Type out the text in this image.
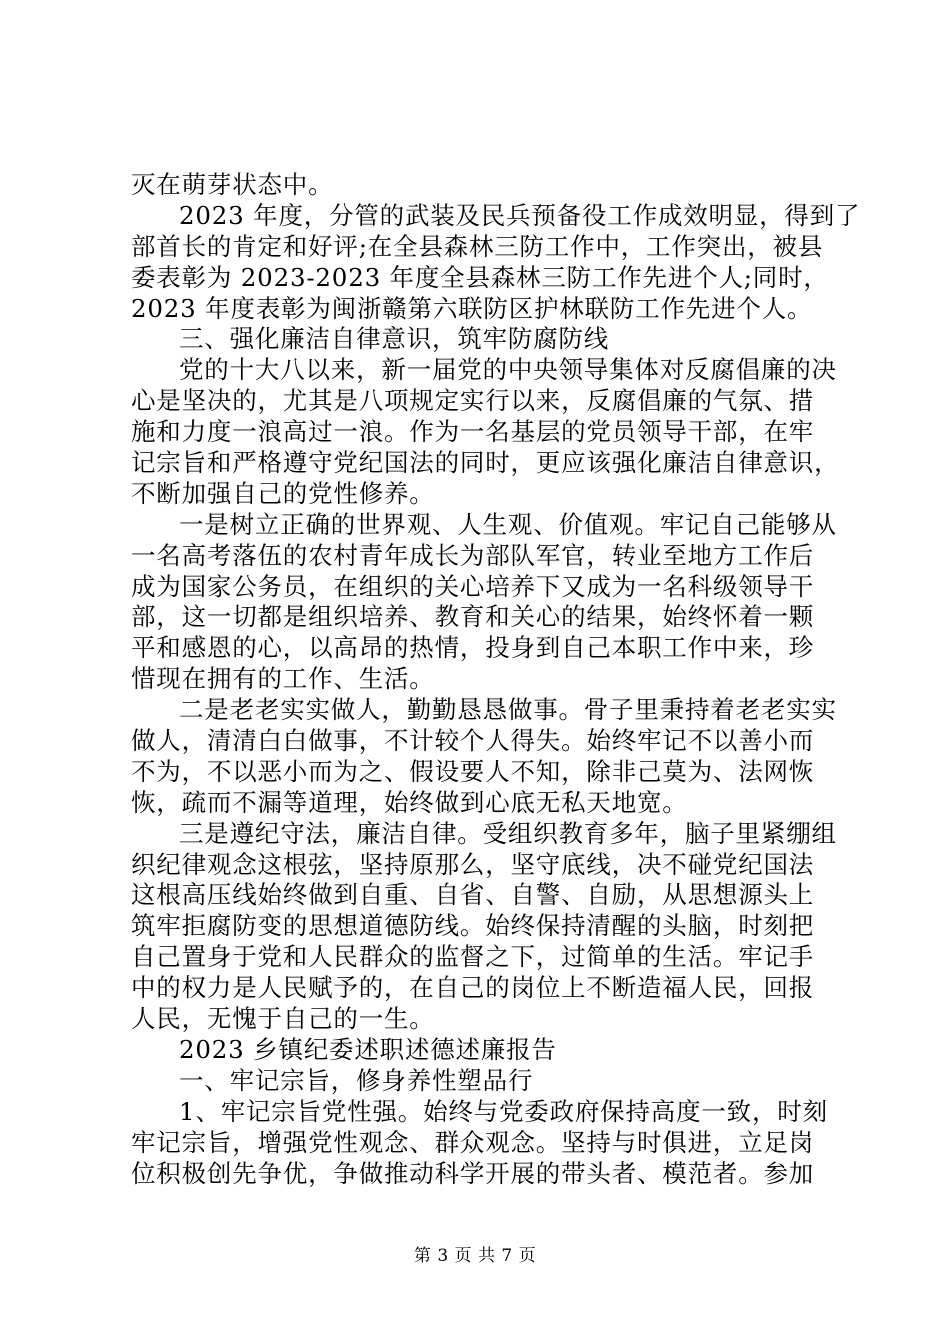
灭在萌芽状态中。
2023 年度，分管的武装及民兵预备役工作成效明显，得到了
部首长的肯定和好评;在全县森林三防工作中，工作突出，被县
委表彰为 2023-2023 年度全县森林三防工作先进个人;同时，
2023 年度表彰为闽浙赣第六联防区护林联防工作先进个人。
三、强化廉洁自律意识，筑牢防腐防线
党的十大八以来，新一届党的中央领导集体对反腐倡廉的决
心是坚决的，尤其是八项规定实行以来，反腐倡廉的气氛、措
施和力度一浪高过一浪。作为一名基层的党员领导干部，在牢
记宗旨和严格遵守党纪国法的同时，更应该强化廉洁自律意识，
不断加强自己的党性修养。
一是树立正确的世界观、人生观、价值观。牢记自己能够从
一名高考落伍的农村青年成长为部队军官，转业至地方工作后
成为国家公务员，在组织的关心培养下又成为一名科级领导干
部，这一切都是组织培养、教育和关心的结果，始终怀着一颗
平和感恩的心，以高昂的热情，投身到自己本职工作中来，珍
惜现在拥有的工作、生活。
二是老老实实做人，勤勤恳恳做事。骨子里秉持着老老实实
做人，清清白白做事，不计较个人得失。始终牢记不以善小而
不为，不以恶小而为之、假设要人不知，除非己莫为、法网恢
恢，疏而不漏等道理，始终做到心底无私天地宽。
三是遵纪守法，廉洁自律。受组织教育多年，脑子里紧绷组
织纪律观念这根弦，坚持原那么，坚守底线，决不碰党纪国法
这根高压线始终做到自重、自省、自警、自励，从思想源头上
筑牢拒腐防变的思想道德防线。始终保持清醒的头脑，时刻把
自己置身于党和人民群众的监督之下，过简单的生活。牢记手
中的权力是人民赋予的，在自己的岗位上不断造福人民，回报
人民，无愧于自己的一生。
2023 乡镇纪委述职述德述廉报告
一、牢记宗旨，修身养性塑品行
1、牢记宗旨党性强。始终与党委政府保持高度一致，时刻
牢记宗旨，增强党性观念、群众观念。坚持与时俱进，立足岗
位积极创先争优，争做推动科学开展的带头者、模范者。参加
第 3 页 共 7 页
